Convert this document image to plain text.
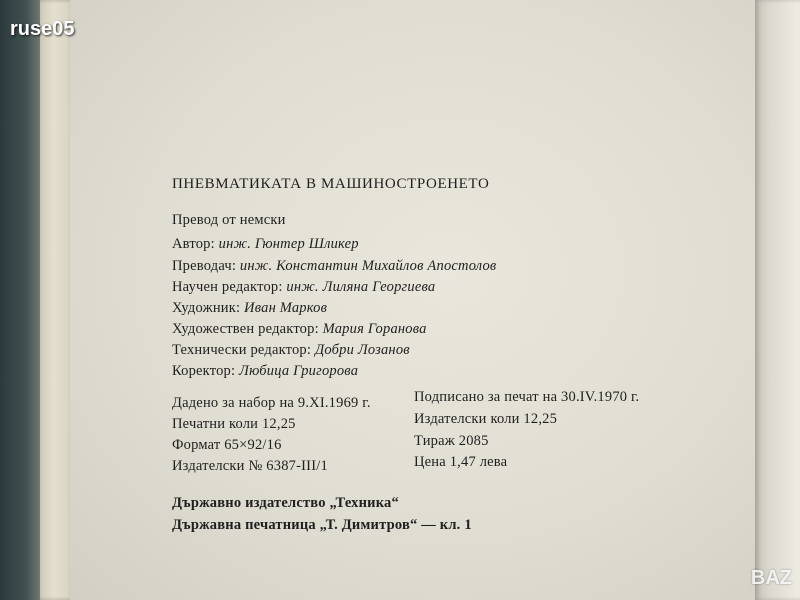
ПНЕВМАТИКАТА В МАШИНОСТРОЕНЕТО
Превод от немски
Автор: инж. Гюнтер Шликер
Преводач: инж. Константин Михайлов Апостолов
Научен редактор: инж. Лиляна Георгиева
Художник: Иван Марков
Художествен редактор: Мария Горанова
Технически редактор: Добри Лозанов
Коректор: Любица Григорова
Дадено за набор на 9.XI.1969 г.
Печатни коли 12,25
Формат 65×92/16
Издателски № 6387-III/1
Подписано за печат на 30.IV.1970 г.
Издателски коли 12,25
Тираж 2085
Цена 1,47 лева
Държавно издателство „Техника“
Държавна печатница „Т. Димитров“ — кл. 1
ruse05
BAZ
